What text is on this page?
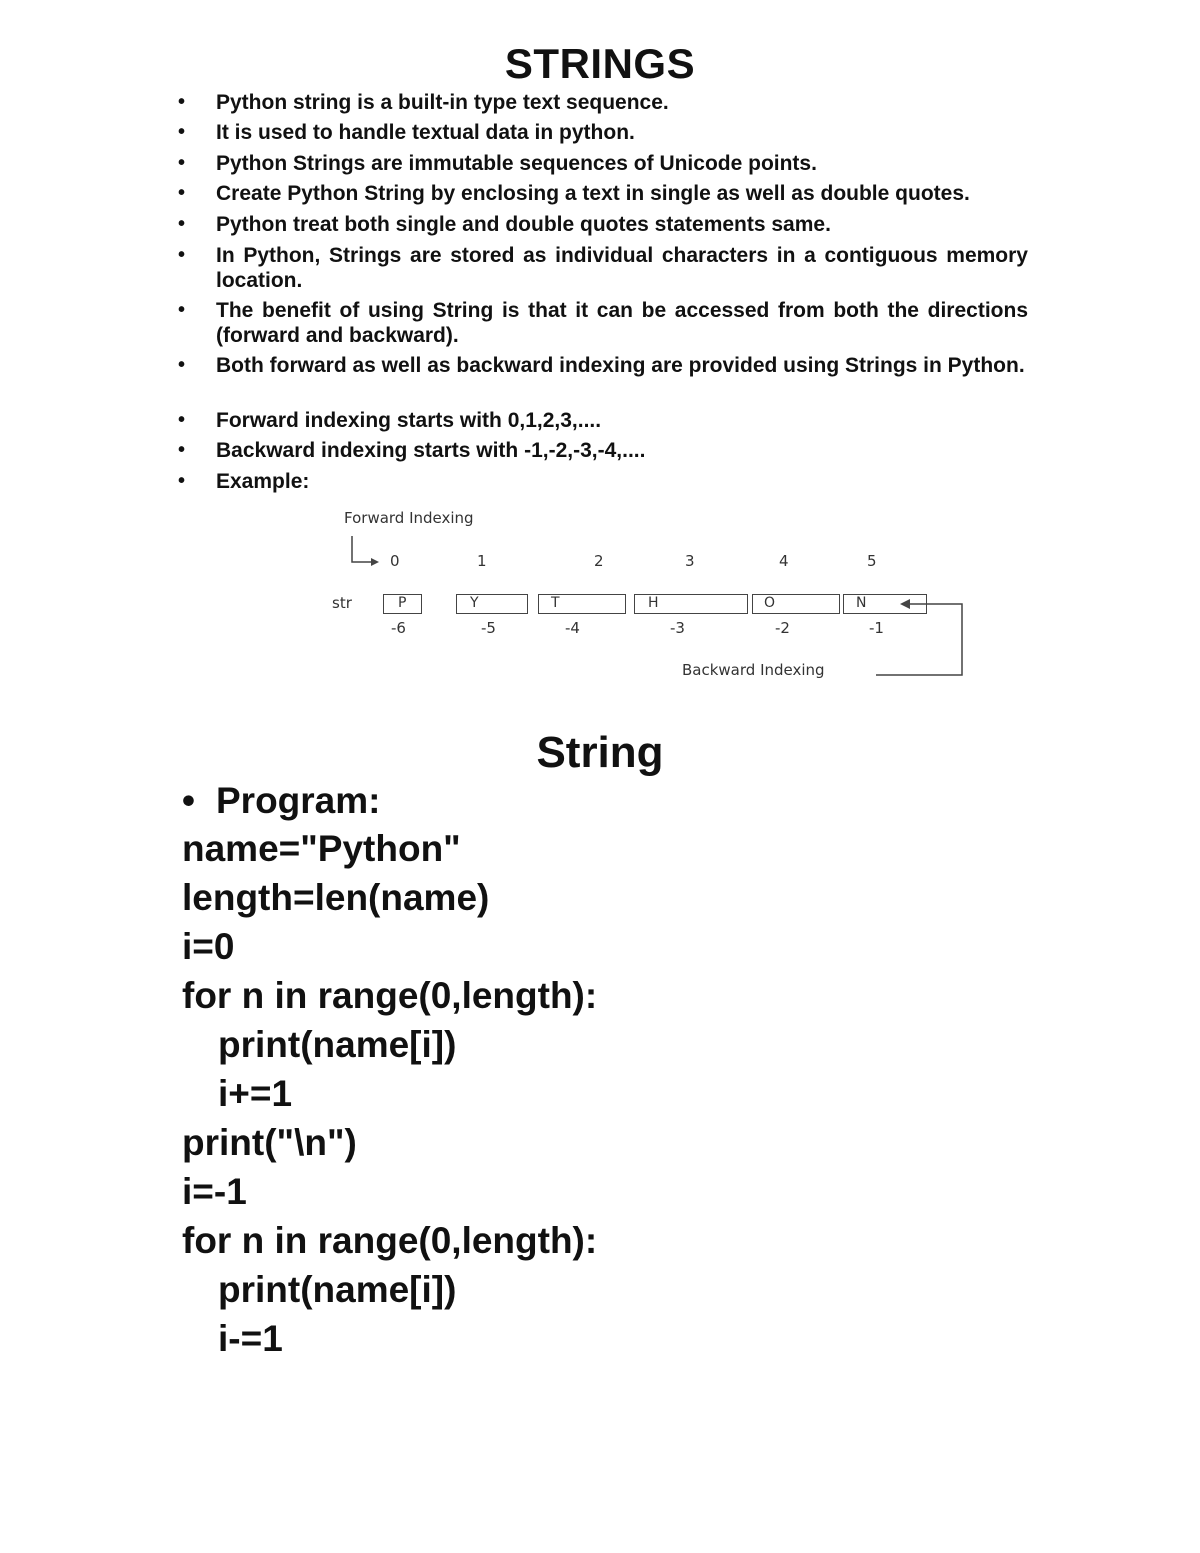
STRINGS
• Python string is a built-in type text sequence.
• It is used to handle textual data in python.
• Python Strings are immutable sequences of Unicode points.
• Create Python String by enclosing a text in single as well as double quotes.
• Python treat both single and double quotes statements same.
• In Python, Strings are stored as individual characters in a contiguous memory location.
• The benefit of using String is that it can be accessed from both the directions (forward and backward).
• Both forward as well as backward indexing are provided using Strings in Python.
• Forward indexing starts with 0,1,2,3,....
• Backward indexing starts with -1,-2,-3,-4,....
• Example:
Forward Indexing
Backward Indexing
0	1	2	3	4	5
str	P	Y	T	H	O	N
-6	-5	-4	-3	-2	-1
String
• Program:
name="Python"
length=len(name)
i=0
for n in range(0,length):
print(name[i])
i+=1
print("\n")
i=-1
for n in range(0,length):
print(name[i])
i-=1
